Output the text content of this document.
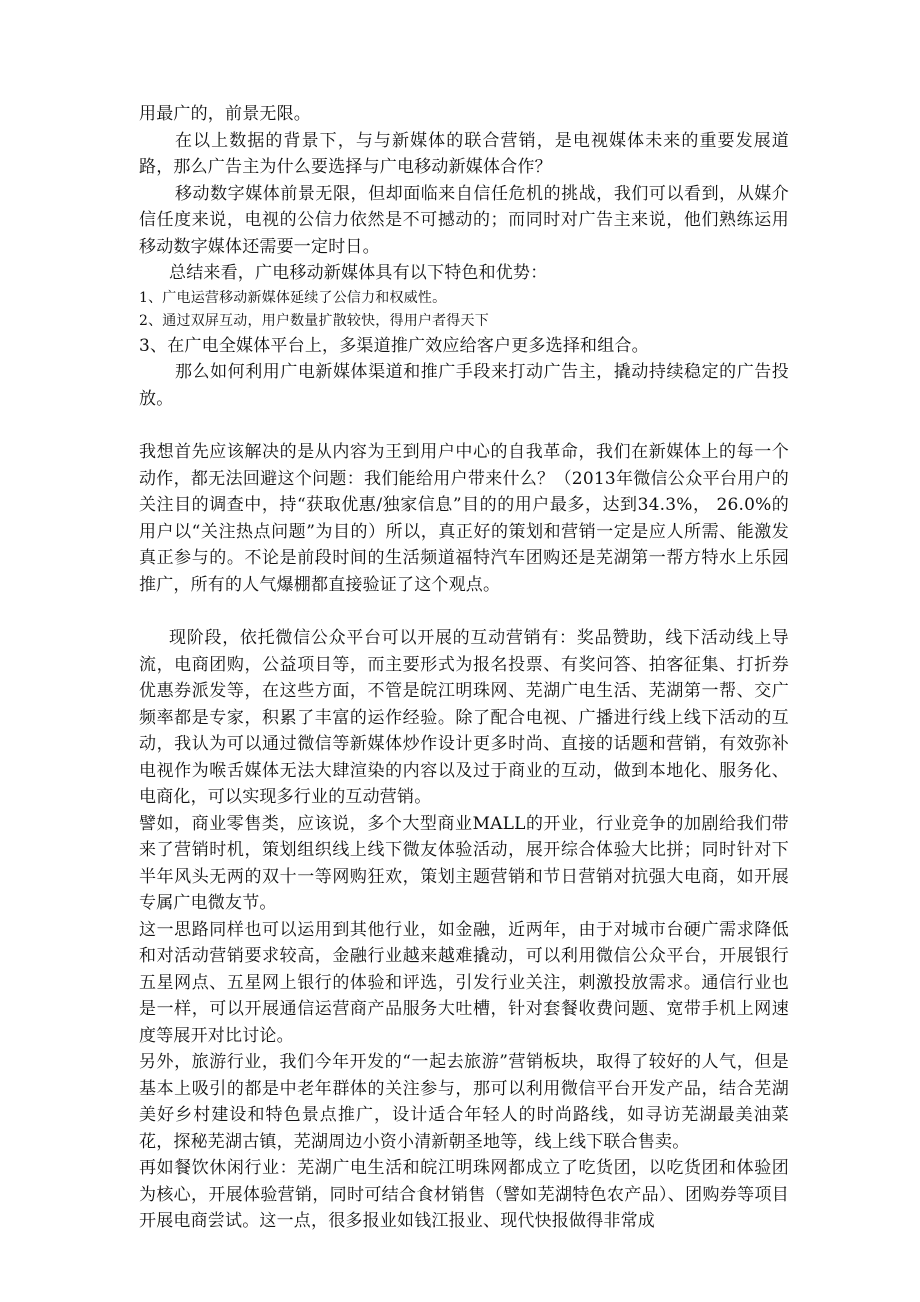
用最广的，前景无限。

在以上数据的背景下，与与新媒体的联合营销，是电视媒体未来的重要发展道路，那么广告主为什么要选择与广电移动新媒体合作？

移动数字媒体前景无限，但却面临来自信任危机的挑战，我们可以看到，从媒介信任度来说，电视的公信力依然是不可撼动的；而同时对广告主来说，他们熟练运用移动数字媒体还需要一定时日。

总结来看，广电移动新媒体具有以下特色和优势：

1、广电运营移动新媒体延续了公信力和权威性。

2、通过双屏互动，用户数量扩散较快，得用户者得天下

3、在广电全媒体平台上，多渠道推广效应给客户更多选择和组合。

那么如何利用广电新媒体渠道和推广手段来打动广告主，撬动持续稳定的广告投放。

我想首先应该解决的是从内容为王到用户中心的自我革命，我们在新媒体上的每一个动作，都无法回避这个问题：我们能给用户带来什么？（2013年微信公众平台用户的关注目的调查中，持“获取优惠/独家信息”目的的用户最多，达到34.3%， 26.0%的用户以“关注热点问题”为目的）所以，真正好的策划和营销一定是应人所需、能激发真正参与的。不论是前段时间的生活频道福特汽车团购还是芜湖第一帮方特水上乐园推广，所有的人气爆棚都直接验证了这个观点。

现阶段，依托微信公众平台可以开展的互动营销有：奖品赞助，线下活动线上导流，电商团购，公益项目等，而主要形式为报名投票、有奖问答、拍客征集、打折券优惠券派发等，在这些方面，不管是皖江明珠网、芜湖广电生活、芜湖第一帮、交广频率都是专家，积累了丰富的运作经验。除了配合电视、广播进行线上线下活动的互动，我认为可以通过微信等新媒体炒作设计更多时尚、直接的话题和营销，有效弥补电视作为喉舌媒体无法大肆渲染的内容以及过于商业的互动，做到本地化、服务化、电商化，可以实现多行业的互动营销。

譬如，商业零售类，应该说，多个大型商业MALL的开业，行业竞争的加剧给我们带来了营销时机，策划组织线上线下微友体验活动，展开综合体验大比拼；同时针对下半年风头无两的双十一等网购狂欢，策划主题营销和节日营销对抗强大电商，如开展专属广电微友节。

这一思路同样也可以运用到其他行业，如金融，近两年，由于对城市台硬广需求降低和对活动营销要求较高，金融行业越来越难撬动，可以利用微信公众平台，开展银行五星网点、五星网上银行的体验和评选，引发行业关注，刺激投放需求。通信行业也是一样，可以开展通信运营商产品服务大吐槽，针对套餐收费问题、宽带手机上网速度等展开对比讨论。

另外，旅游行业，我们今年开发的“一起去旅游”营销板块，取得了较好的人气，但是基本上吸引的都是中老年群体的关注参与，那可以利用微信平台开发产品，结合芜湖美好乡村建设和特色景点推广，设计适合年轻人的时尚路线，如寻访芜湖最美油菜花，探秘芜湖古镇，芜湖周边小资小清新朝圣地等，线上线下联合售卖。

再如餐饮休闲行业：芜湖广电生活和皖江明珠网都成立了吃货团，以吃货团和体验团为核心，开展体验营销，同时可结合食材销售（譬如芜湖特色农产品）、团购券等项目开展电商尝试。这一点，很多报业如钱江报业、现代快报做得非常成
